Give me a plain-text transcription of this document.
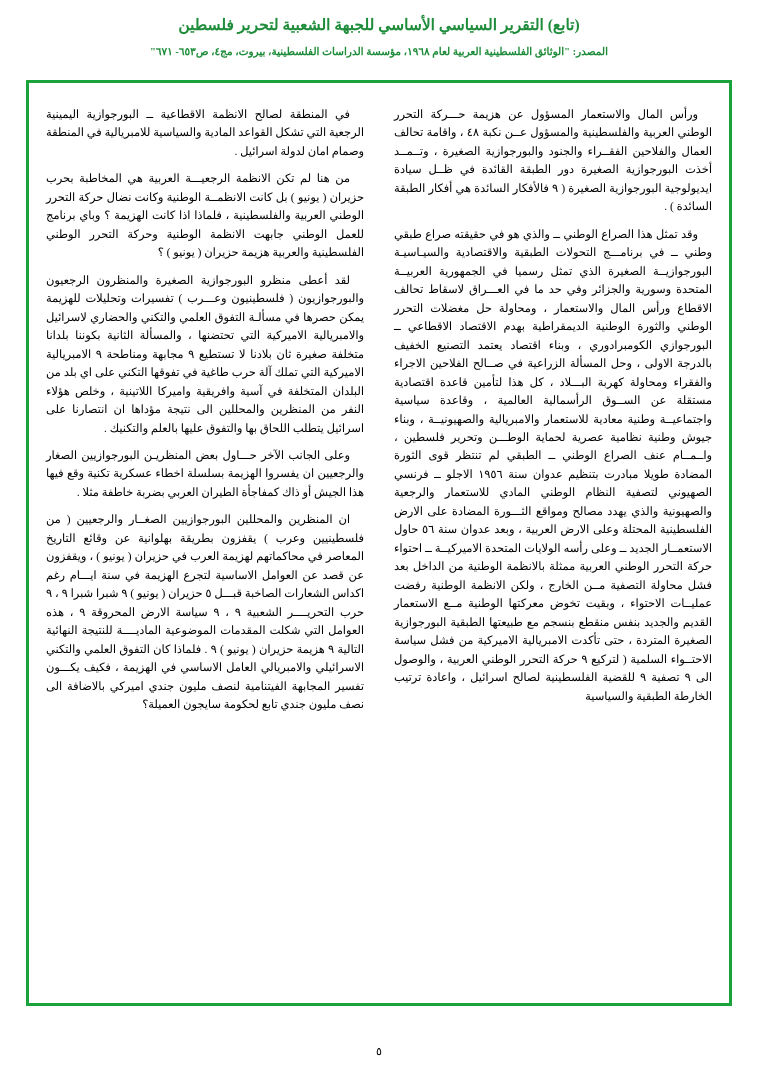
(تابع) التقرير السياسي الأساسي للجبهة الشعبية لتحرير فلسطين
المصدر: "الوثائق الفلسطينية العربية لعام ١٩٦٨، مؤسسة الدراسات الفلسطينية، بيروت، مج٤، ص٦٥٣- ٦٧١"

ورأس المال والاستعمار المسؤول عن هزيمة حـــركة التحرر الوطني العربية والفلسطينية والمسؤول عــن نكبة ٤٨ ، واقامة تحالف العمال والفلاحين الفقــراء والجنود والبورجوازية الصغيرة ، وتــمــد أخذت البورجوازية الصغيرة دور الطبقة القائدة في ظــل سيادة ايديولوجية البورجوازية الصغيرة ( ٩ فالأفكار السائدة هي أفكار الطبقة السائدة ) .

وقد تمثل هذا الصراع الوطني ــ والذي هو في حقيقته صراع طبقي وطني ــ في برنامـــج التحولات الطبقية والاقتصادية والسيـاسيـة البورجوازيــة الصغيرة الذي تمثل رسميا في الجمهورية العربيــة المتحدة وسورية والجزائر وفي حد ما في العـــراق لاسقاط تحالف الاقطاع ورأس المال والاستعمار ، ومحاولة حل مغضلات التحرر الوطني والثورة الوطنية الديمقراطية بهدم الاقتصاد الاقطاعي ــ البورجوازي الكومبرادوري ، وبناء اقتصاد يعتمد التصنيع الخفيف بالدرجة الاولى ، وحل المسألة الزراعية في صــالح الفلاحين الاجراء والفقراء ومحاولة كهربة البـــلاد ، كل هذا لتأمين قاعدة اقتصادية مستقلة عن الســوق الرأسمالية العالمية ، وقاعدة سياسية واجتماعيــة وطنية معادية للاستعمار والامبريالية والصهيونيــة ، وبناء جيوش وطنية نظامية عصرية لحماية الوطـــن وتحرير فلسطين ، واــمــام عنف الصراع الوطني ــ الطبقي لم تنتظر قوى الثورة المضادة طويلا مبادرت بتنظيم عدوان سنة ١٩٥٦ الاجلو ــ فرنسي الصهيوني لتصفية النظام الوطني المادي للاستعمار والرجعية والصهيونية والذي يهدد مصالح ومواقع الثـــورة المضادة على الارض الفلسطينية المحتلة وعلى الارض العربية ، وبعد عدوان سنة ٥٦ حاول الاستعمــار الجديد ــ وعلى رأسه الولايات المتحدة الاميركيــة ــ احتواء حركة التحرر الوطني العربية ممثلة بالانظمة الوطنية من الداخل بعد فشل محاولة التصفية مــن الخارج ، ولكن الانظمة الوطنية رفضت عمليــات الاحتواء ، وبقيت تخوض معركتها الوطنية مــع الاستعمار القديم والجديد بنفس منقطع بنسجم مع طبيعتها الطبقية البورجوازية الصغيرة المتردة ، حتى تأكدت الامبريالية الاميركية من فشل سياسة الاحتــواء السلمية ( لتركيع ٩ حركة التحرر الوطني العربية ، والوصول الى ٩ تصفية ٩ للقضية الفلسطينية لصالح اسرائيل ، واعادة ترتيب الخارطة الطبقية والسياسية

في المنطقة لصالح الانظمة الاقطاعية ــ البورجوازية اليمينية الرجعية التي تشكل القواعد المادية والسياسية للامبريالية في المنطقة وصمام امان لدولة اسرائيل .

من هنا لم تكن الانظمة الرجعيـــة العربية هي المخاطبة بحرب حزيران ( يونيو ) بل كانت الانظمــة الوطنية وكانت نضال حركة التحرر الوطني العربية والفلسطينية ، فلماذا اذا كانت الهزيمة ؟ وباي برنامج للعمل الوطني جابهت الانظمة الوطنية وحركة التحرر الوطني الفلسطينية والعربية هزيمة حزيران ( يونيو ) ؟

لقد أعطى منظرو البورجوازية الصغيرة والمنظرون الرجعيون والبورجوازيون ( فلسطينيون وعـــرب ) تفسيرات وتحليلات للهزيمة يمكن حصرها في مسألـة التفوق العلمي والتكني والحضاري لاسرائيل والامبريالية الاميركية التي تحتضنها ، والمسألة الثانية بكوننا بلدانا متخلفة صغيرة ثان بلادنا لا تستطيع ٩ مجابهة ومناطحة ٩ الامبريالية الاميركية التي تملك آلة حرب طاغية في تفوقها التكني على اي بلد من البلدان المتخلفة في آسية وافريقية واميركا اللاتينية ، وخلص هؤلاء النفر من المنظرين والمحللين الى نتيجة مؤداها ان انتصارنا على اسرائيل يتطلب اللحاق بها والتفوق عليها بالعلم والتكنيك .

وعلى الجانب الآخر حـــاول بعض المنظريـن البورجوازيين الصغار والرجعيين ان يفسروا الهزيمة بسلسلة اخطاء عسكرية تكنية وقع فيها هذا الجيش أو ذاك كمفاجأة الطيران العربي بضربة خاطفة مثلا .

ان المنظرين والمحللين البورجوازيين الصغــار والرجعيين ( من فلسطينيين وعرب ) يقفزون بطريقة بهلوانية عن وقائع التاريخ المعاصر في محاكماتهم لهزيمة العرب في حزيران ( يونيو ) ، ويقفزون عن قصد عن العوامل الاساسية لتجرع الهزيمة في سنة ايـــام رغم اكداس الشعارات الصاخبة قبـــل ٥ حزيران ( يونيو ) ٩ شبرا شبرا ٩ ، ٩ حرب التحريــــر الشعبية ٩ ، ٩ سياسة الارض المحروقة ٩ ، هذه العوامل التي شكلت المقدمات الموضوعية الماديــــة للنتيجة النهائية التالية ٩ هزيمة حزيران ( يونيو ) ٩ . فلماذا كان التفوق العلمي والتكني الاسرائيلي والامبريالي العامل الاساسي في الهزيمة ، فكيف يكـــون تفسير المجابهة الفيتنامية لنصف مليون جندي اميركي بالاضافة الى نصف مليون جندي تابع لحكومة سايجون العميلة؟

٥
